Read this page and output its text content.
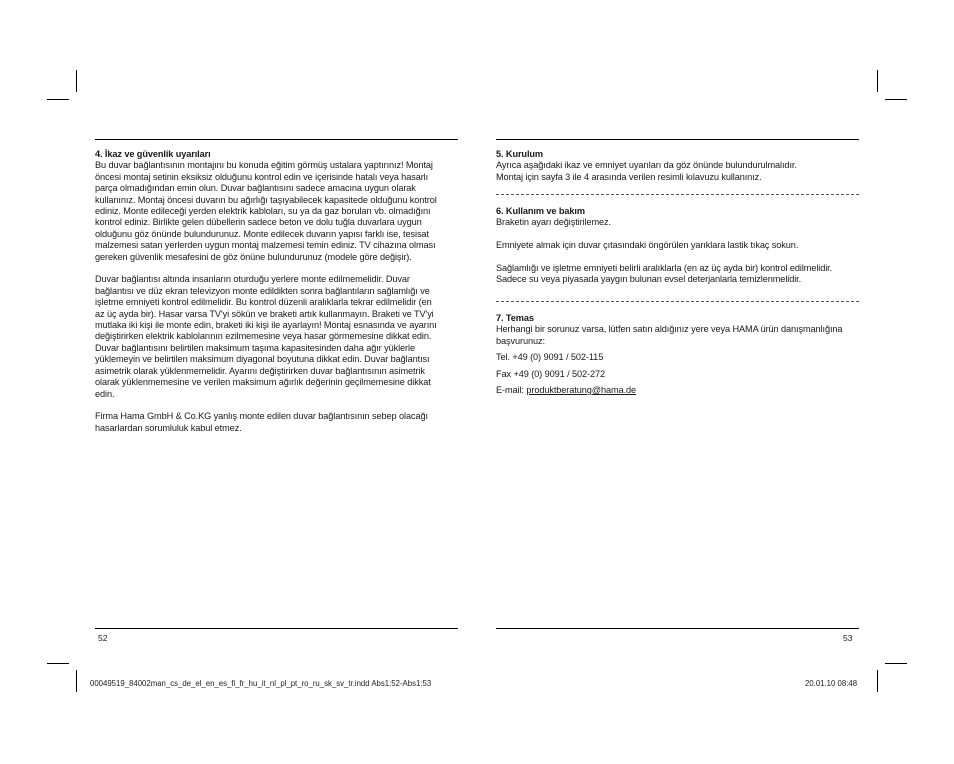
4. İkaz ve güvenlik uyarıları

Bu duvar bağlantısının montajını bu konuda eğitim görmüş ustalara yaptırınız! Montaj

öncesi montaj setinin eksiksiz olduğunu kontrol edin ve içerisinde hatalı veya hasarlı

parça olmadığından emin olun. Duvar bağlantısını sadece amacına uygun olarak

kullanınız. Montaj öncesi duvarın bu ağırlığı taşıyabilecek kapasitede olduğunu kontrol

ediniz. Monte edileceği yerden elektrik kabloları, su ya da gaz boruları vb. olmadığını

kontrol ediniz. Birlikte gelen dübellerin sadece beton ve dolu tuğla duvarlara uygun

olduğunu göz önünde bulundurunuz. Monte edilecek duvarın yapısı farklı ise, tesisat

malzemesi satan yerlerden uygun montaj malzemesi temin ediniz. TV cihazına olması

gereken güvenlik mesafesini de göz önüne bulundurunuz (modele göre değişir).

Duvar bağlantısı altında insanların oturduğu yerlere monte edilmemelidir. Duvar

bağlantısı ve düz ekran televizyon monte edildikten sonra bağlantıların sağlamlığı ve

işletme emniyeti kontrol edilmelidir. Bu kontrol düzenli aralıklarla tekrar edilmelidir (en

az üç ayda bir). Hasar varsa TV'yi sökün ve braketi artık kullanmayın. Braketi ve TV'yi

mutlaka iki kişi ile monte edin, braketi iki kişi ile ayarlayın! Montaj esnasında ve ayarını

değiştirirken elektrik kablolarının ezilmemesine veya hasar görmemesine dikkat edin.

Duvar bağlantısını belirtilen maksimum taşıma kapasitesinden daha ağır yüklerle

yüklemeyin ve belirtilen maksimum diyagonal boyutuna dikkat edin. Duvar bağlantısı

asimetrik olarak yüklenmemelidir. Ayarını değiştirirken duvar bağlantısının asimetrik

olarak yüklenmemesine ve verilen maksimum ağırlık değerinin geçilmemesine dikkat

edin.

Firma Hama GmbH & Co.KG yanlış monte edilen duvar bağlantısının sebep olacağı

hasarlardan sorumluluk kabul etmez.

5. Kurulum

Ayrıca aşağıdaki ikaz ve emniyet uyarıları da göz önünde bulundurulmalıdır.

Montaj için sayfa 3 ile 4 arasında verilen resimli kılavuzu kullanınız.

6. Kullanım ve bakım

Braketin ayarı değiştirilemez.

Emniyete almak için duvar çıtasındaki öngörülen yarıklara lastik tıkaç sokun.

Sağlamlığı ve işletme emniyeti belirli aralıklarla (en az üç ayda bir) kontrol edilmelidir.

Sadece su veya piyasada yaygın bulunan evsel deterjanlarla temizlenmelidir.

7. Temas

Herhangi bir sorunuz varsa, lütfen satın aldığınız yere veya HAMA ürün danışmanlığına

başvurunuz:

Tel. +49 (0) 9091 / 502-115

Fax +49 (0) 9091 / 502-272

E-mail: produktberatung@hama.de

52	53
00049519_84002man_cs_de_el_en_es_fi_fr_hu_it_nl_pl_pt_ro_ru_sk_sv_tr.indd Abs1:52-Abs1:53	20.01.10 08:48
